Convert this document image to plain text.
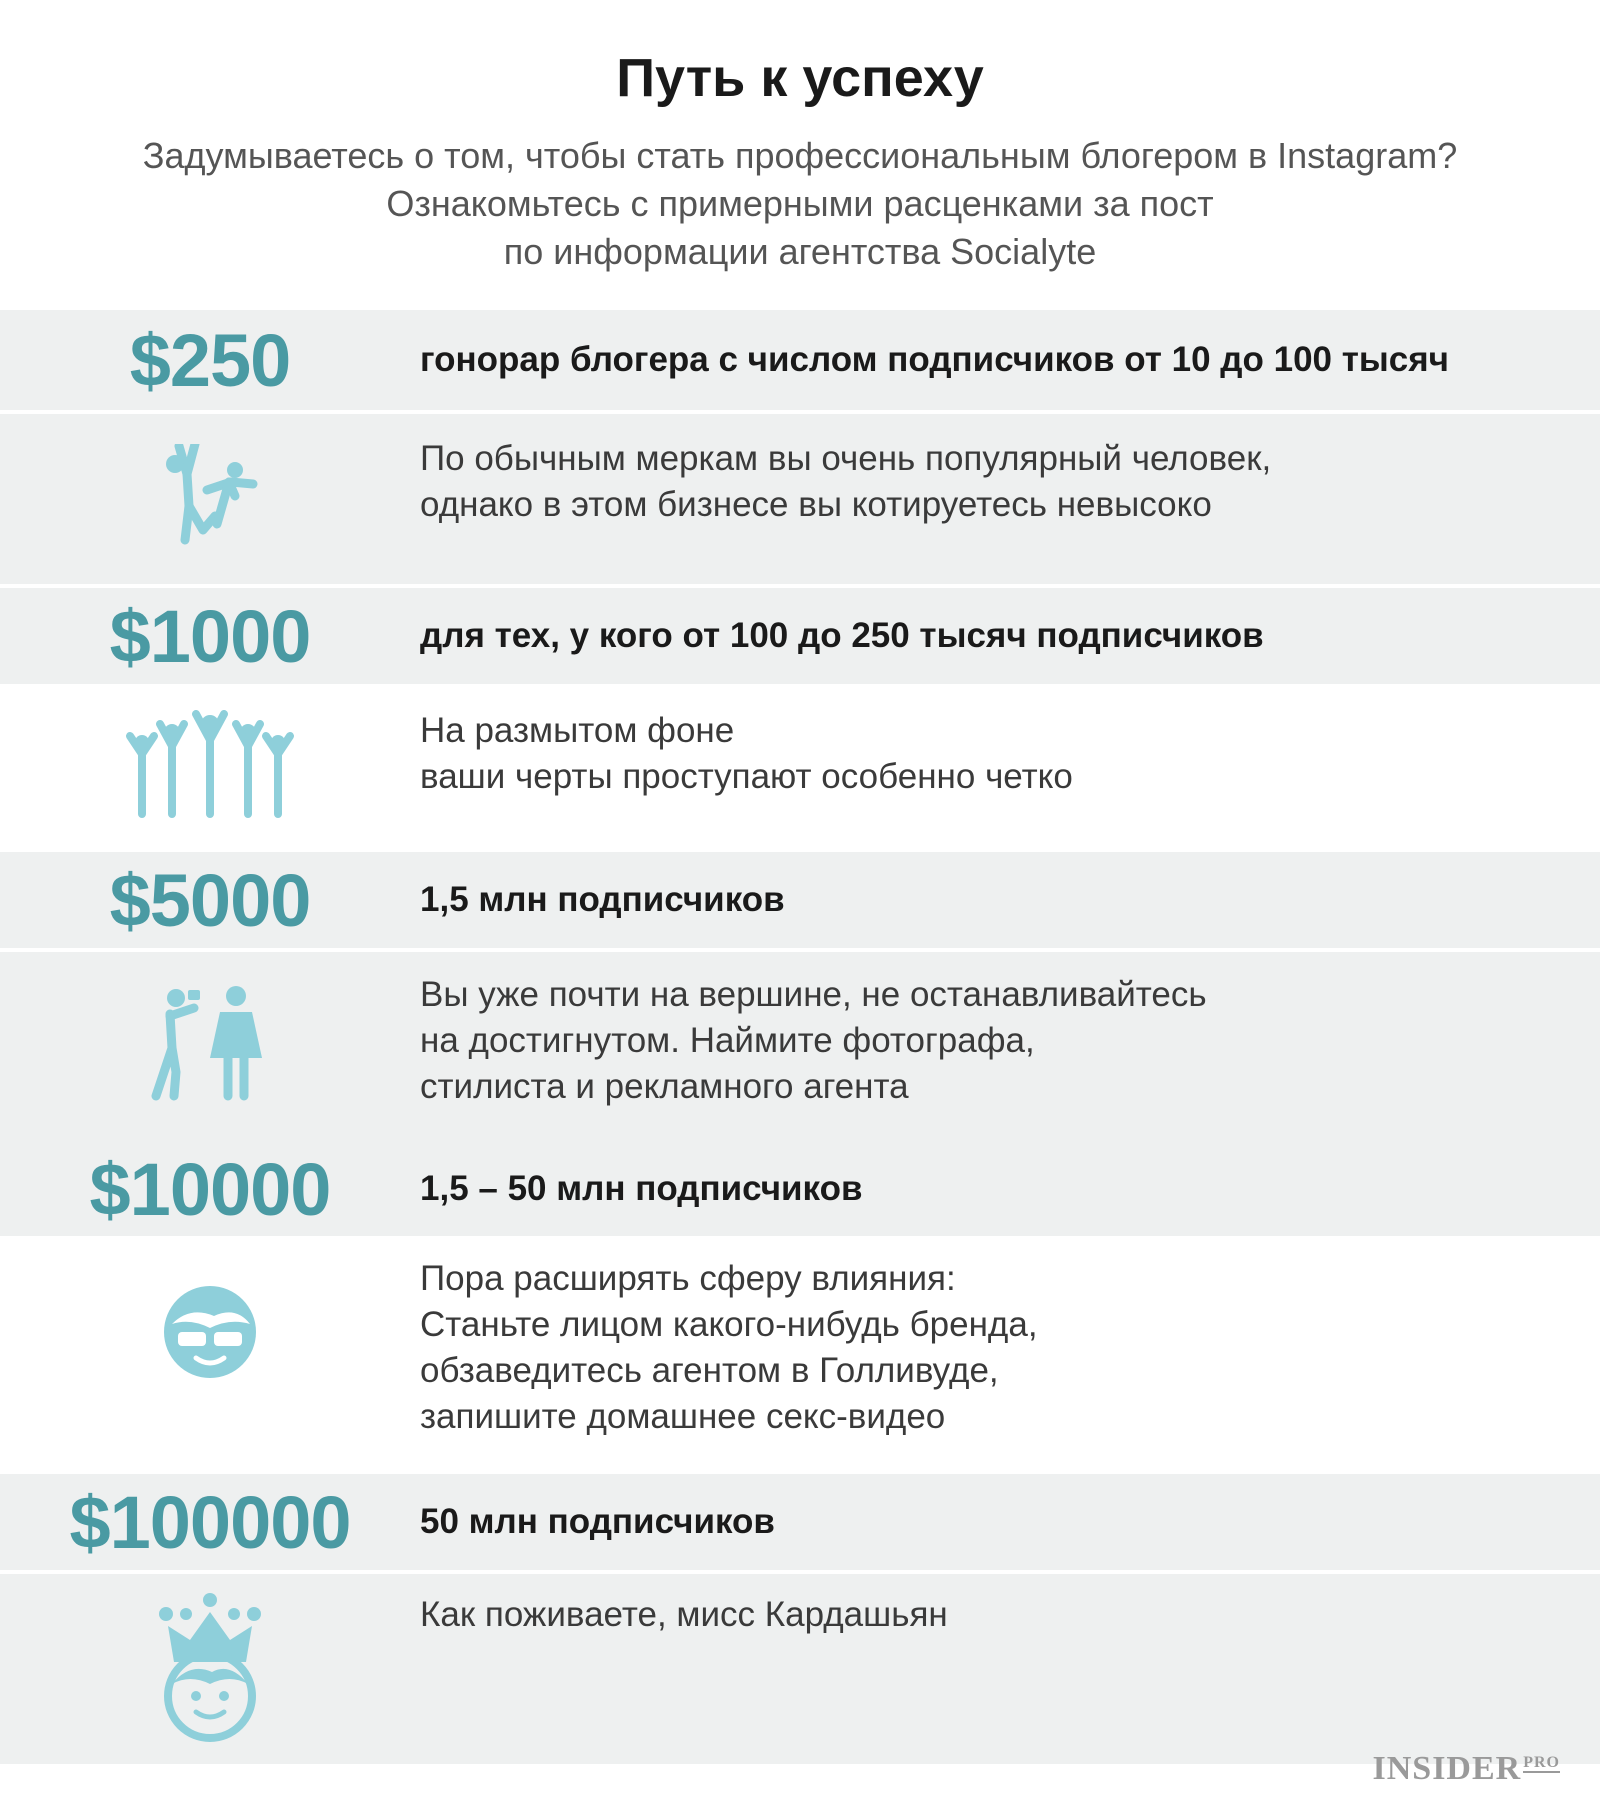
Путь к успеху
Задумываетесь о том, чтобы стать профессиональным блогером в Instagram?
Ознакомьтесь с примерными расценками за пост
по информации агентства Socialyte
$250	гонорар блогера с числом подписчиков от 10 до 100 тысяч
По обычным меркам вы очень популярный человек,
однако в этом бизнесе вы котируетесь невысоко
$1000	для тех, у кого от 100 до 250 тысяч подписчиков
На размытом фоне
ваши черты проступают особенно четко
$5000	1,5 млн подписчиков
Вы уже почти на вершине, не останавливайтесь
на достигнутом. Наймите фотографа,
стилиста и рекламного агента
$10000	1,5 – 50 млн подписчиков
Пора расширять сферу влияния:
Станьте лицом какого-нибудь бренда,
обзаведитесь агентом в Голливуде,
запишите домашнее секс-видео
$100000	50 млн подписчиков
Как поживаете, мисс Кардашьян
INSIDER $^{PRO}$
